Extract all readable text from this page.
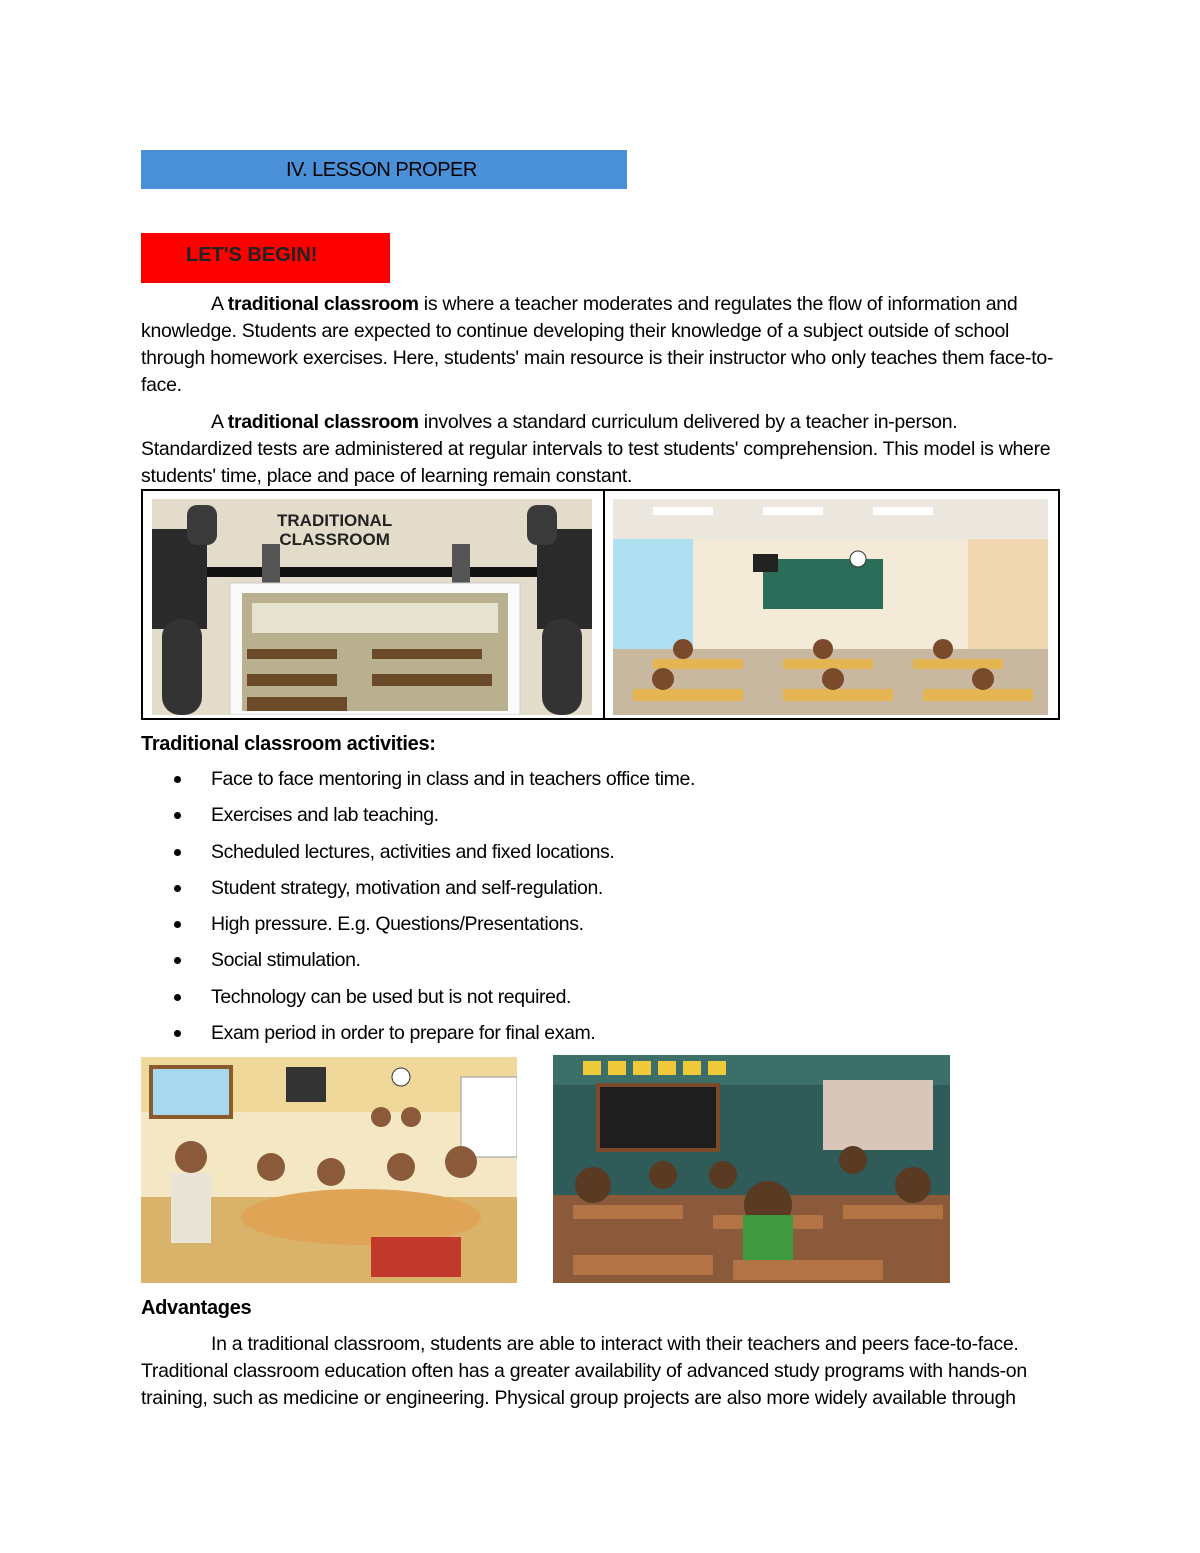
IV. LESSON PROPER
LET'S BEGIN!
A traditional classroom is where a teacher moderates and regulates the flow of information and knowledge. Students are expected to continue developing their knowledge of a subject outside of school through homework exercises. Here, students' main resource is their instructor who only teaches them face-to-face.
A traditional classroom involves a standard curriculum delivered by a teacher in-person. Standardized tests are administered at regular intervals to test students' comprehension. This model is where students' time, place and pace of learning remain constant.
TRADITIONAL
CLASSROOM
Traditional classroom activities:
Face to face mentoring in class and in teachers office time.
Exercises and lab teaching.
Scheduled lectures, activities and fixed locations.
Student strategy, motivation and self-regulation.
High pressure. E.g. Questions/Presentations.
Social stimulation.
Technology can be used but is not required.
Exam period in order to prepare for final exam.
Advantages
In a traditional classroom, students are able to interact with their teachers and peers face-to-face. Traditional classroom education often has a greater availability of advanced study programs with hands-on training, such as medicine or engineering. Physical group projects are also more widely available through
